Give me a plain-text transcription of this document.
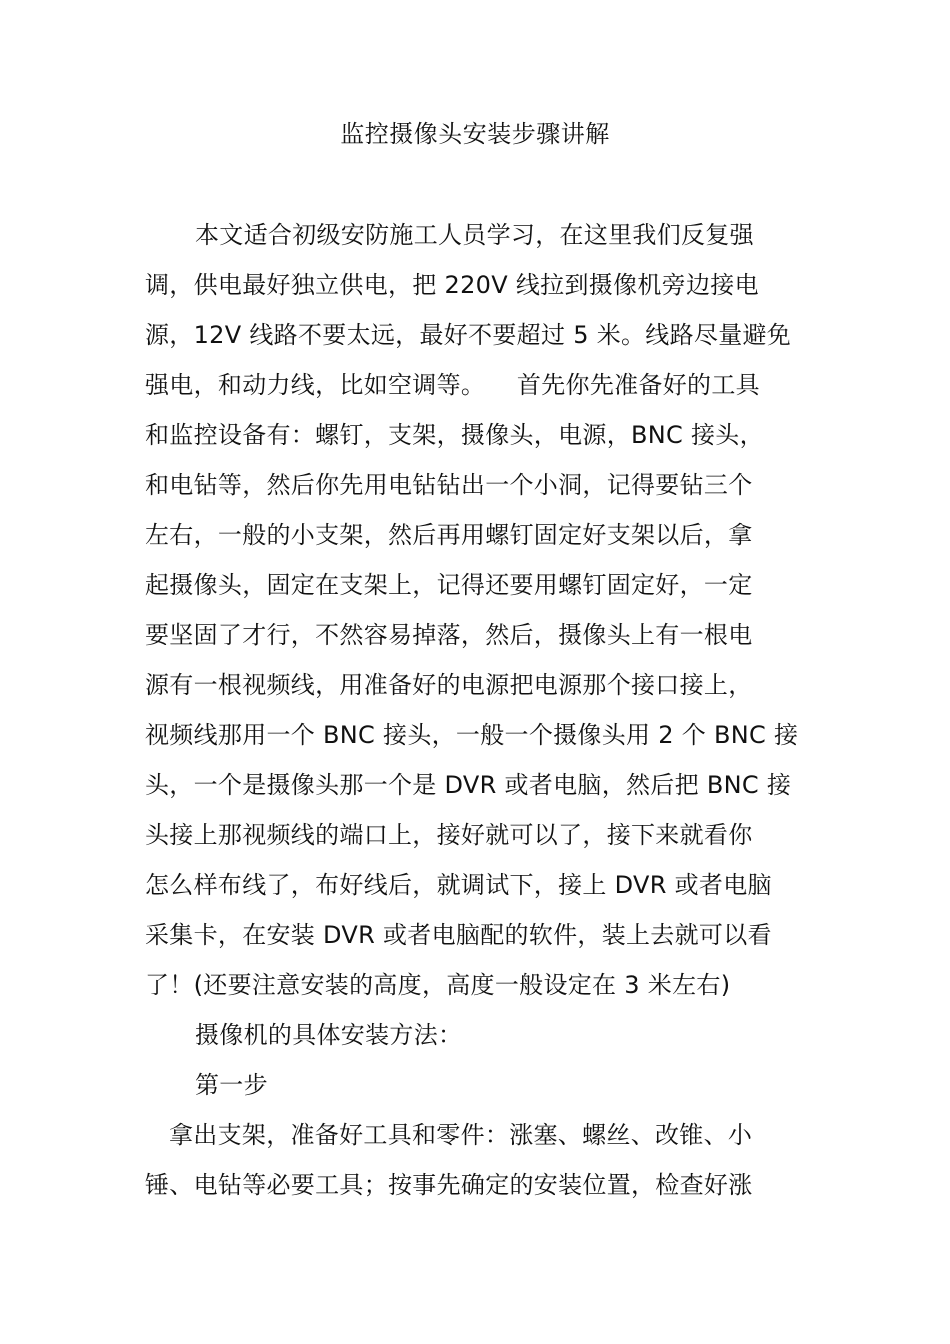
监控摄像头安装步骤讲解
本文适合初级安防施工人员学习，在这里我们反复强
调，供电最好独立供电，把 220V 线拉到摄像机旁边接电
源，12V 线路不要太远，最好不要超过 5 米。线路尽量避免
强电，和动力线，比如空调等。    首先你先准备好的工具
和监控设备有：螺钉，支架，摄像头，电源，BNC 接头，
和电钻等，然后你先用电钻钻出一个小洞，记得要钻三个
左右，一般的小支架，然后再用螺钉固定好支架以后，拿
起摄像头，固定在支架上，记得还要用螺钉固定好，一定
要坚固了才行，不然容易掉落，然后，摄像头上有一根电
源有一根视频线，用准备好的电源把电源那个接口接上，
视频线那用一个 BNC 接头，一般一个摄像头用 2 个 BNC 接
头，一个是摄像头那一个是 DVR 或者电脑，然后把 BNC 接
头接上那视频线的端口上，接好就可以了，接下来就看你
怎么样布线了，布好线后，就调试下，接上 DVR 或者电脑
采集卡，在安装 DVR 或者电脑配的软件，装上去就可以看
了！(还要注意安装的高度，高度一般设定在 3 米左右)
摄像机的具体安装方法：
第一步
拿出支架，准备好工具和零件：涨塞、螺丝、改锥、小
锤、电钻等必要工具；按事先确定的安装位置，检查好涨
